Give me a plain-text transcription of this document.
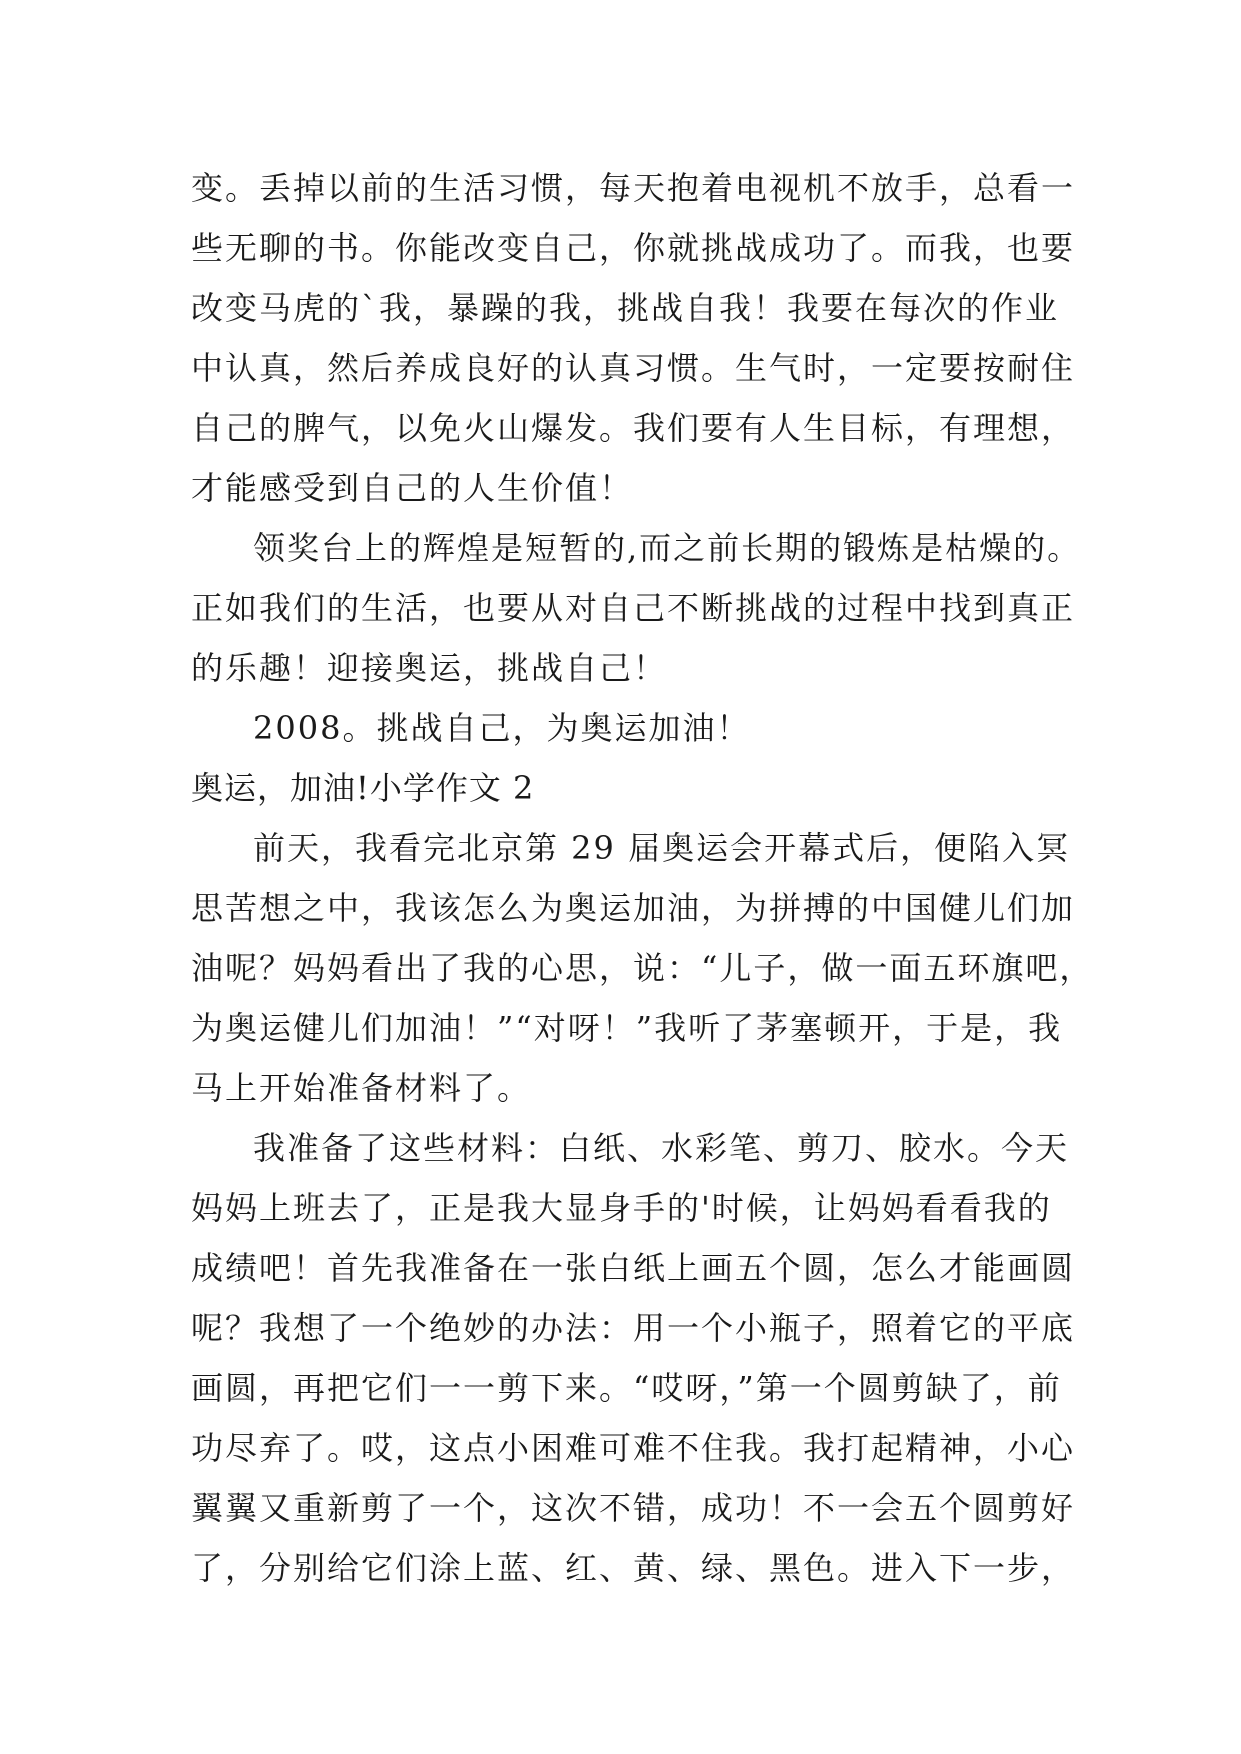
变。丢掉以前的生活习惯，每天抱着电视机不放手，总看一
些无聊的书。你能改变自己，你就挑战成功了。而我，也要
改变马虎的`我，暴躁的我，挑战自我！我要在每次的作业
中认真，然后养成良好的认真习惯。生气时，一定要按耐住
自己的脾气，以免火山爆发。我们要有人生目标，有理想，
才能感受到自己的人生价值！
领奖台上的辉煌是短暂的,而之前长期的锻炼是枯燥的。
正如我们的生活，也要从对自己不断挑战的过程中找到真正
的乐趣！迎接奥运，挑战自己！
2008。挑战自己，为奥运加油！
奥运，加油!小学作文 2
前天，我看完北京第 29 届奥运会开幕式后，便陷入冥
思苦想之中，我该怎么为奥运加油，为拼搏的中国健儿们加
油呢？妈妈看出了我的心思，说：“儿子，做一面五环旗吧，
为奥运健儿们加油！”“对呀！”我听了茅塞顿开，于是，我
马上开始准备材料了。
我准备了这些材料：白纸、水彩笔、剪刀、胶水。今天
妈妈上班去了，正是我大显身手的'时候，让妈妈看看我的
成绩吧！首先我准备在一张白纸上画五个圆，怎么才能画圆
呢？我想了一个绝妙的办法：用一个小瓶子，照着它的平底
画圆，再把它们一一剪下来。“哎呀，”第一个圆剪缺了，前
功尽弃了。哎，这点小困难可难不住我。我打起精神，小心
翼翼又重新剪了一个，这次不错，成功！不一会五个圆剪好
了，分别给它们涂上蓝、红、黄、绿、黑色。进入下一步，
